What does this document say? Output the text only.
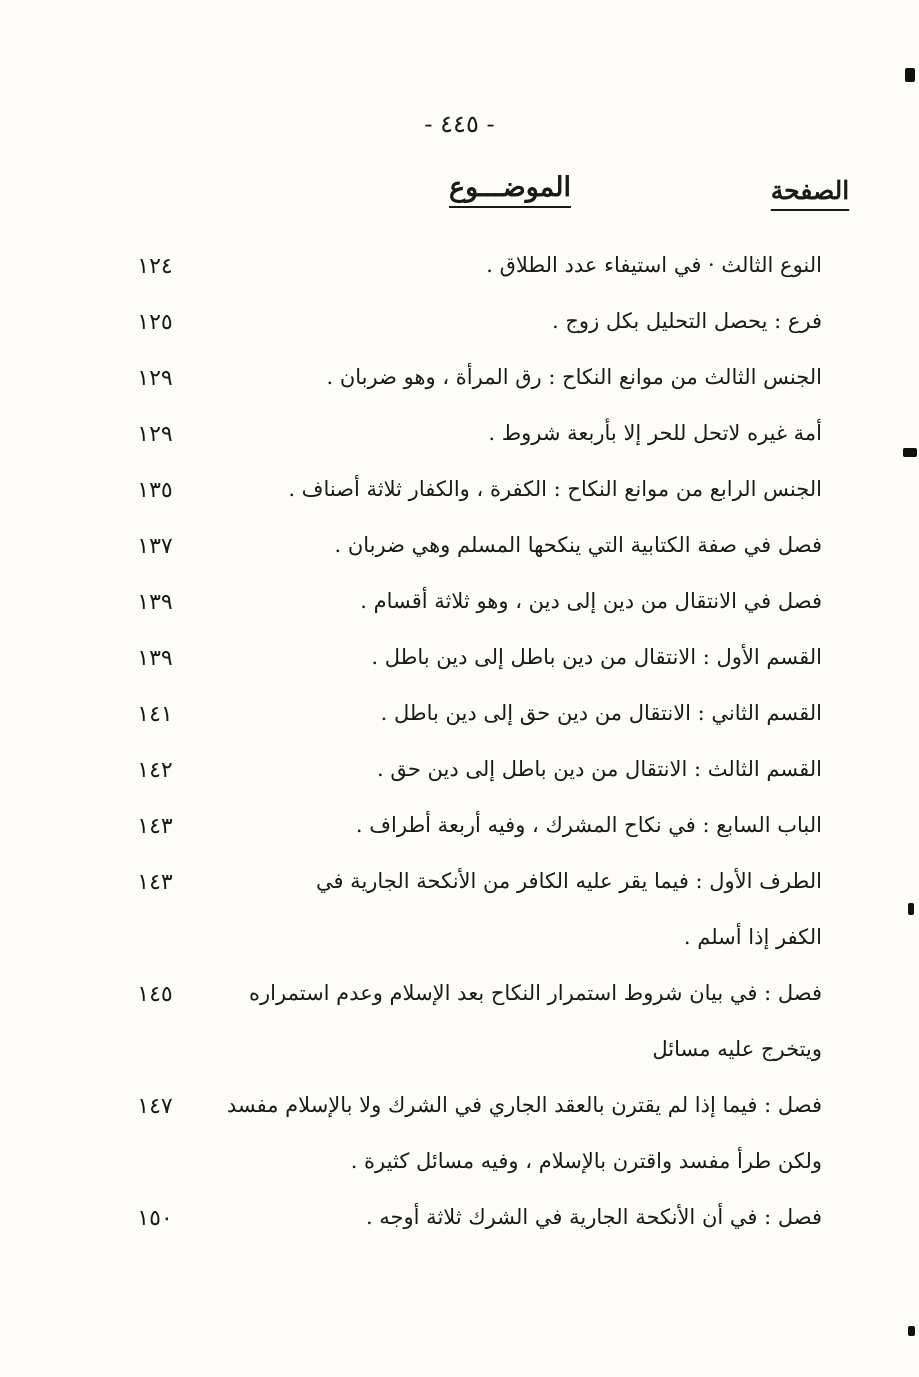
- ٤٤٥ -
الموضـــوع	الصفحة
١٢٤	النوع الثالث · في استيفاء عدد الطلاق .
١٢٥	فرع : يحصل التحليل بكل زوج .
١٢٩	الجنس الثالث من موانع النكاح : رق المرأة ، وهو ضربان .
١٢٩	أمة غيره لاتحل للحر إلا بأربعة شروط .
١٣٥	الجنس الرابع من موانع النكاح : الكفرة ، والكفار ثلاثة أصناف .
١٣٧	فصل في صفة الكتابية التي ينكحها المسلم وهي ضربان .
١٣٩	فصل في الانتقال من دين إلى دين ، وهو ثلاثة أقسام .
١٣٩	القسم الأول : الانتقال من دين باطل إلى دين باطل .
١٤١	القسم الثاني : الانتقال من دين حق إلى دين باطل .
١٤٢	القسم الثالث : الانتقال من دين باطل إلى دين حق .
١٤٣	الباب السابع : في نكاح المشرك ، وفيه أربعة أطراف .
١٤٣	الطرف الأول : فيما يقر عليه الكافر من الأنكحة الجارية في
الكفر إذا أسلم .
١٤٥	فصل : في بيان شروط استمرار النكاح بعد الإسلام وعدم استمراره
ويتخرج عليه مسائل
١٤٧	فصل : فيما إذا لم يقترن بالعقد الجاري في الشرك ولا بالإسلام مفسد
ولكن طرأ مفسد واقترن بالإسلام ، وفيه مسائل كثيرة .
١٥٠	فصل : في أن الأنكحة الجارية في الشرك ثلاثة أوجه .
